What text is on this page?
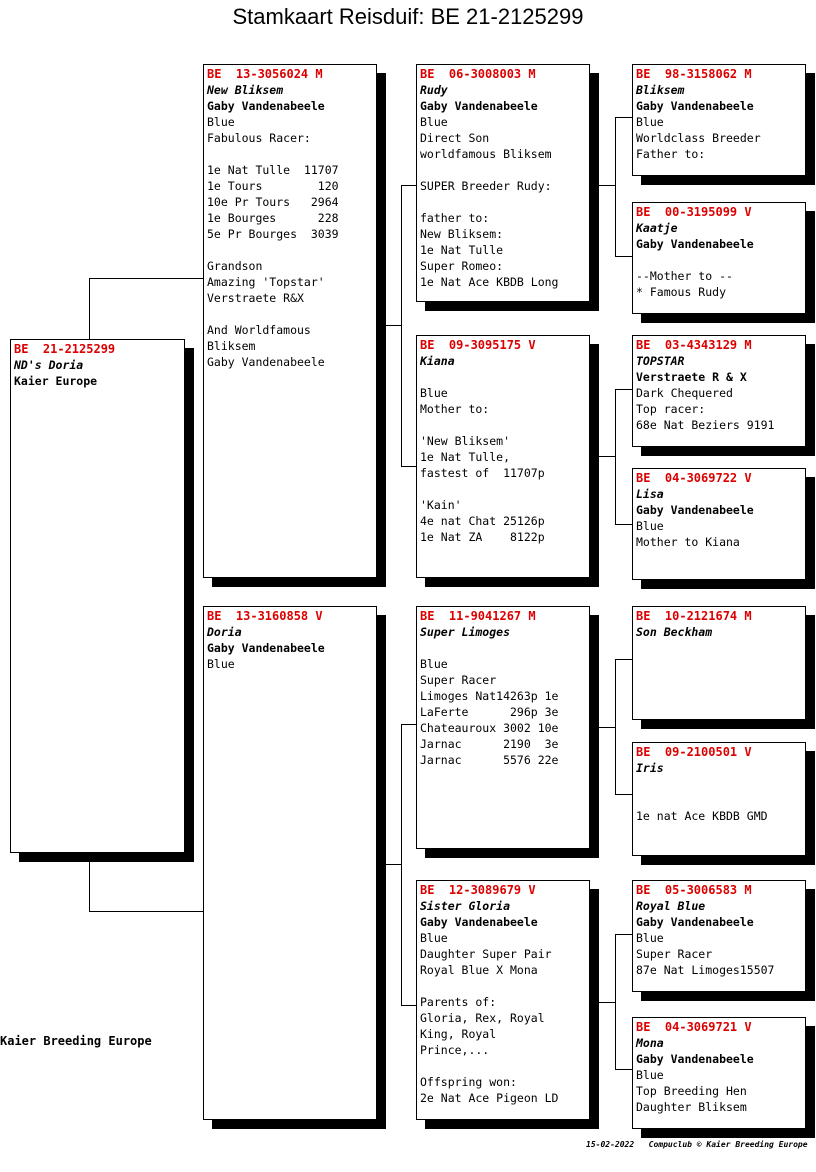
Stamkaart Reisduif: BE 21-2125299
BE  21-2125299
ND's Doria
Kaier Europe
BE  13-3056024 M
New Bliksem
Gaby Vandenabeele
Blue
Fabulous Racer:
1e Nat Tulle  11707
1e Tours        120
10e Pr Tours   2964
1e Bourges      228
5e Pr Bourges  3039
Grandson
Amazing 'Topstar'
Verstraete R&X
And Worldfamous
Bliksem
Gaby Vandenabeele
BE  13-3160858 V
Doria
Gaby Vandenabeele
Blue
BE  06-3008003 M
Rudy
Gaby Vandenabeele
Blue
Direct Son
worldfamous Bliksem
SUPER Breeder Rudy:
father to:
New Bliksem:
1e Nat Tulle
Super Romeo:
1e Nat Ace KBDB Long
BE  09-3095175 V
Kiana
Blue
Mother to:
'New Bliksem'
1e Nat Tulle,
fastest of  11707p
'Kain'
4e nat Chat 25126p
1e Nat ZA    8122p
BE  11-9041267 M
Super Limoges
Blue
Super Racer
Limoges Nat14263p 1e
LaFerte      296p 3e
Chateauroux 3002 10e
Jarnac      2190  3e
Jarnac      5576 22e
BE  12-3089679 V
Sister Gloria
Gaby Vandenabeele
Blue
Daughter Super Pair
Royal Blue X Mona
Parents of:
Gloria, Rex, Royal
King, Royal
Prince,...
Offspring won:
2e Nat Ace Pigeon LD
BE  98-3158062 M
Bliksem
Gaby Vandenabeele
Blue
Worldclass Breeder
Father to:
BE  00-3195099 V
Kaatje
Gaby Vandenabeele
--Mother to --
* Famous Rudy
BE  03-4343129 M
TOPSTAR
Verstraete R & X
Dark Chequered
Top racer:
68e Nat Beziers 9191
BE  04-3069722 V
Lisa
Gaby Vandenabeele
Blue
Mother to Kiana
BE  10-2121674 M
Son Beckham
BE  09-2100501 V
Iris
1e nat Ace KBDB GMD
BE  05-3006583 M
Royal Blue
Gaby Vandenabeele
Blue
Super Racer
87e Nat Limoges15507
BE  04-3069721 V
Mona
Gaby Vandenabeele
Blue
Top Breeding Hen
Daughter Bliksem
Kaier Breeding Europe
15-02-2022 Compuclub © Kaier Breeding Europe
